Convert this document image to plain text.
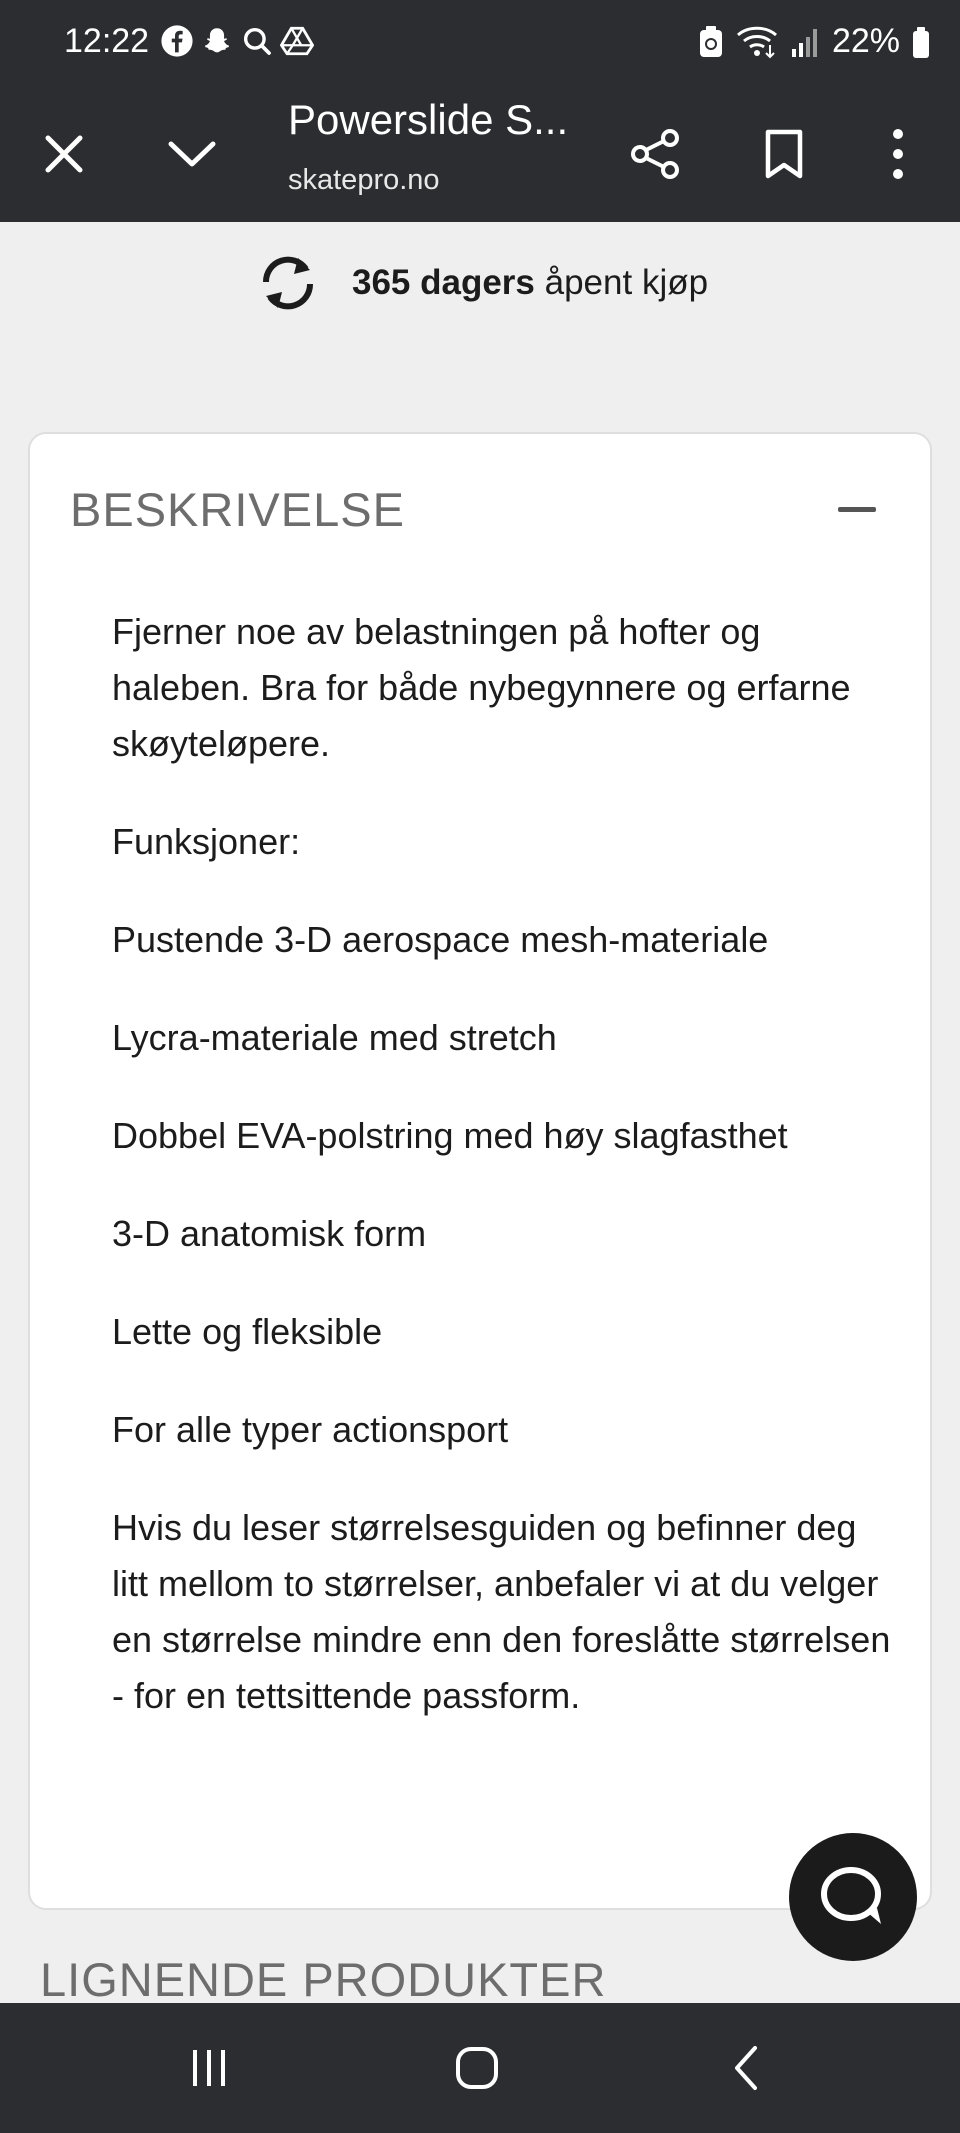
12:22	22%
Powerslide S...
skatepro.no
365 dagers åpent kjøp
BESKRIVELSE

Fjerner noe av belastningen på hofter og haleben. Bra for både nybegynnere og erfarne skøyteløpere.

Funksjoner:

Pustende 3-D aerospace mesh-materiale

Lycra-materiale med stretch

Dobbel EVA-polstring med høy slagfasthet

3-D anatomisk form

Lette og fleksible

For alle typer actionsport

Hvis du leser størrelsesguiden og befinner deg litt mellom to størrelser, anbefaler vi at du velger en størrelse mindre enn den foreslåtte størrelsen - for en tettsittende passform.

LIGNENDE PRODUKTER
